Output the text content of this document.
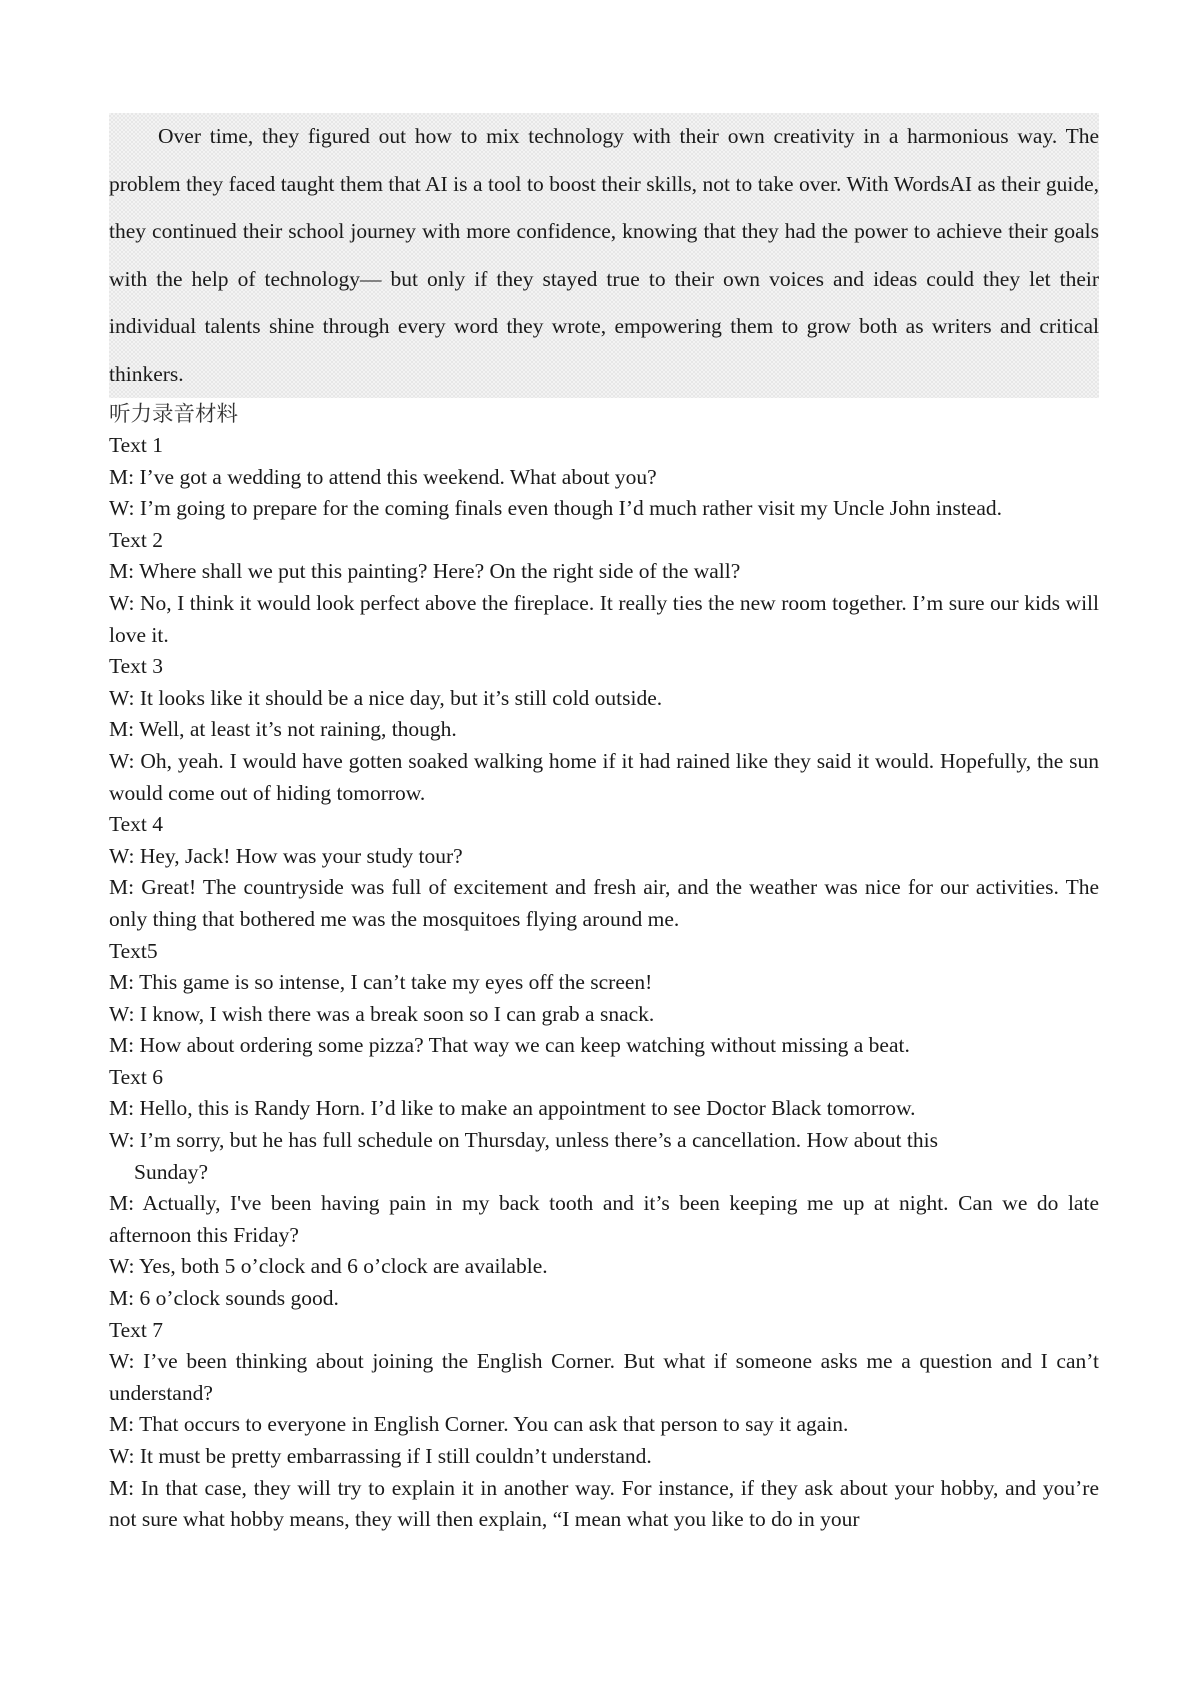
Over time, they figured out how to mix technology with their own creativity in a harmonious way. The problem they faced taught them that AI is a tool to boost their skills, not to take over. With WordsAI as their guide, they continued their school journey with more confidence, knowing that they had the power to achieve their goals with the help of technology— but only if they stayed true to their own voices and ideas could they let their individual talents shine through every word they wrote, empowering them to grow both as writers and critical thinkers.

听力录音材料

Text 1

M: I’ve got a wedding to attend this weekend. What about you?

W: I’m going to prepare for the coming finals even though I’d much rather visit my Uncle John instead.

Text 2

M: Where shall we put this painting? Here? On the right side of the wall?

W: No, I think it would look perfect above the fireplace. It really ties the new room together. I’m sure our kids will love it.

Text 3

W: It looks like it should be a nice day, but it’s still cold outside.

M: Well, at least it’s not raining, though.

W: Oh, yeah. I would have gotten soaked walking home if it had rained like they said it would. Hopefully, the sun would come out of hiding tomorrow.

Text 4

W: Hey, Jack! How was your study tour?

M: Great! The countryside was full of excitement and fresh air, and the weather was nice for our activities. The only thing that bothered me was the mosquitoes flying around me.

Text5

M: This game is so intense, I can’t take my eyes off the screen!

W: I know, I wish there was a break soon so I can grab a snack.

M: How about ordering some pizza? That way we can keep watching without missing a beat.

Text 6

M: Hello, this is Randy Horn. I’d like to make an appointment to see Doctor Black tomorrow.

W: I’m sorry, but he has full schedule on Thursday, unless there’s a cancellation. How about this
Sunday?

M: Actually, I've been having pain in my back tooth and it’s been keeping me up at night. Can we do late afternoon this Friday?

W: Yes, both 5 o’clock and 6 o’clock are available.

M: 6 o’clock sounds good.

Text 7

W: I’ve been thinking about joining the English Corner. But what if someone asks me a question and I can’t understand?

M: That occurs to everyone in English Corner. You can ask that person to say it again.

W: It must be pretty embarrassing if I still couldn’t understand.

M: In that case, they will try to explain it in another way. For instance, if they ask about your hobby, and you’re not sure what hobby means, they will then explain, “I mean what you like to do in your
